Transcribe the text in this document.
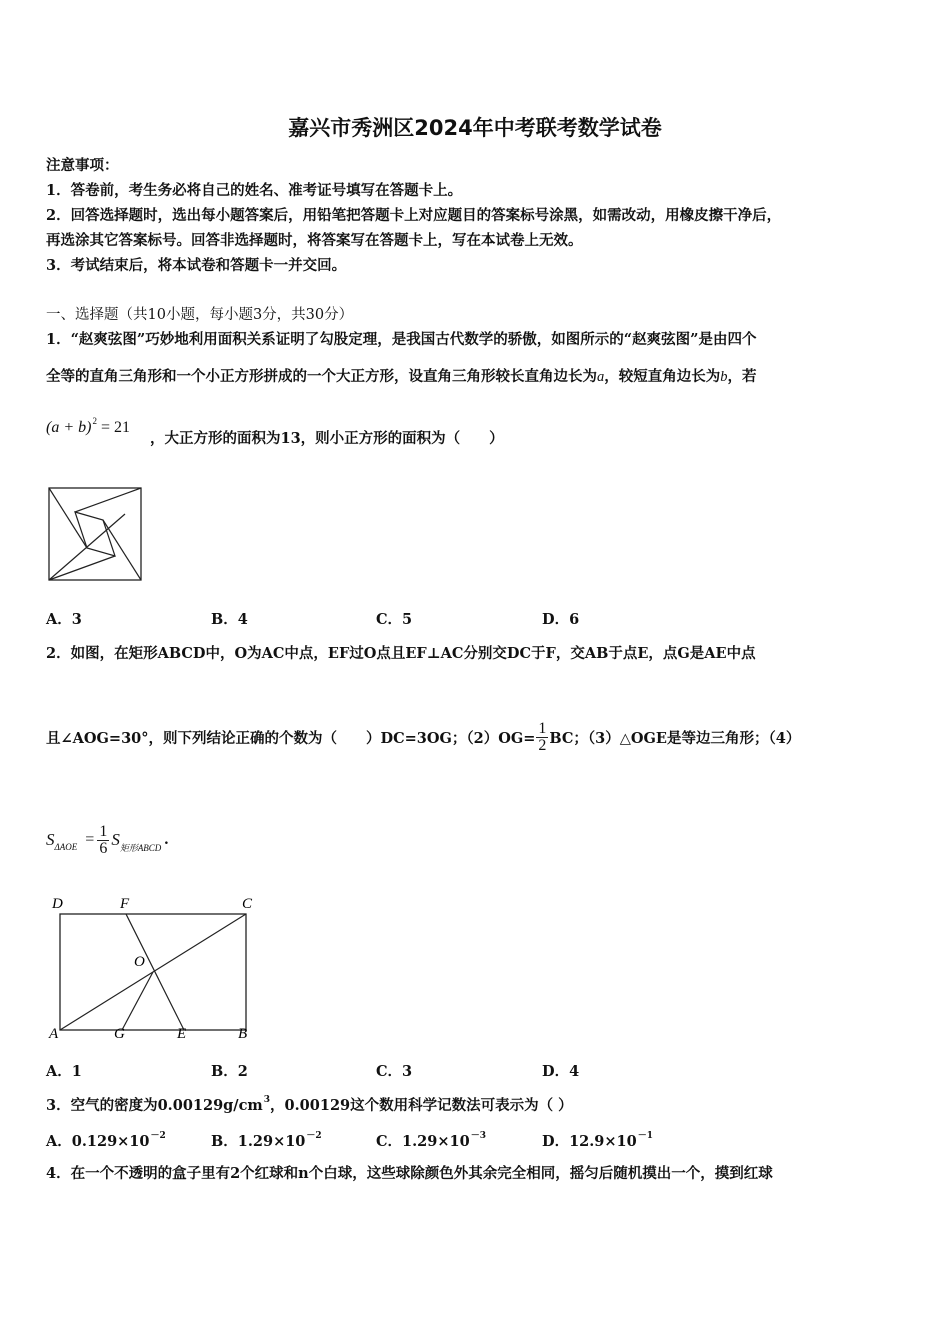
嘉兴市秀洲区2024年中考联考数学试卷
注意事项：
1．答卷前，考生务必将自己的姓名、准考证号填写在答题卡上。
2．回答选择题时，选出每小题答案后，用铅笔把答题卡上对应题目的答案标号涂黑，如需改动，用橡皮擦干净后，
再选涂其它答案标号。回答非选择题时，将答案写在答题卡上，写在本试卷上无效。
3．考试结束后，将本试卷和答题卡一并交回。
一、选择题（共10小题，每小题3分，共30分）
1．“赵爽弦图”巧妙地利用面积关系证明了勾股定理，是我国古代数学的骄傲，如图所示的“赵爽弦图”是由四个
全等的直角三角形和一个小正方形拼成的一个大正方形，设直角三角形较长直角边长为a，较短直角边长为b，若
$(a + b)^2 = 21$
，大正方形的面积为13，则小正方形的面积为（　　）
A．3	B．4	C．5	D．6
2．如图，在矩形ABCD中，O为AC中点，EF过O点且EF⊥AC分别交DC于F，交AB于点E，点G是AE中点
且∠AOG=30°，则下列结论正确的个数为（　　）DC=3OG；$(2)OG= \frac{1}{2}$ BC；（3）△OGE是等边三角形；（4）
S $\Delta AOE = \frac{1}{6}$ S 矩形ABCD .
D	F	C
O
A	G	E	B
A．1	B．2	C．3	D．4
3．空气的密度为$0.00129g/cm^3$，0.00129这个数用科学记数法可表示为（ ）
A．$0.129\times 10^{-2}$	B．$1.29\times 10^{-2}$	C．$1.29\times 10^{-3}$	D．$12.9\times 10^{-1}$
4．在一个不透明的盒子里有2个红球和n个白球，这些球除颜色外其余完全相同，摇匀后随机摸出一个，摸到红球
